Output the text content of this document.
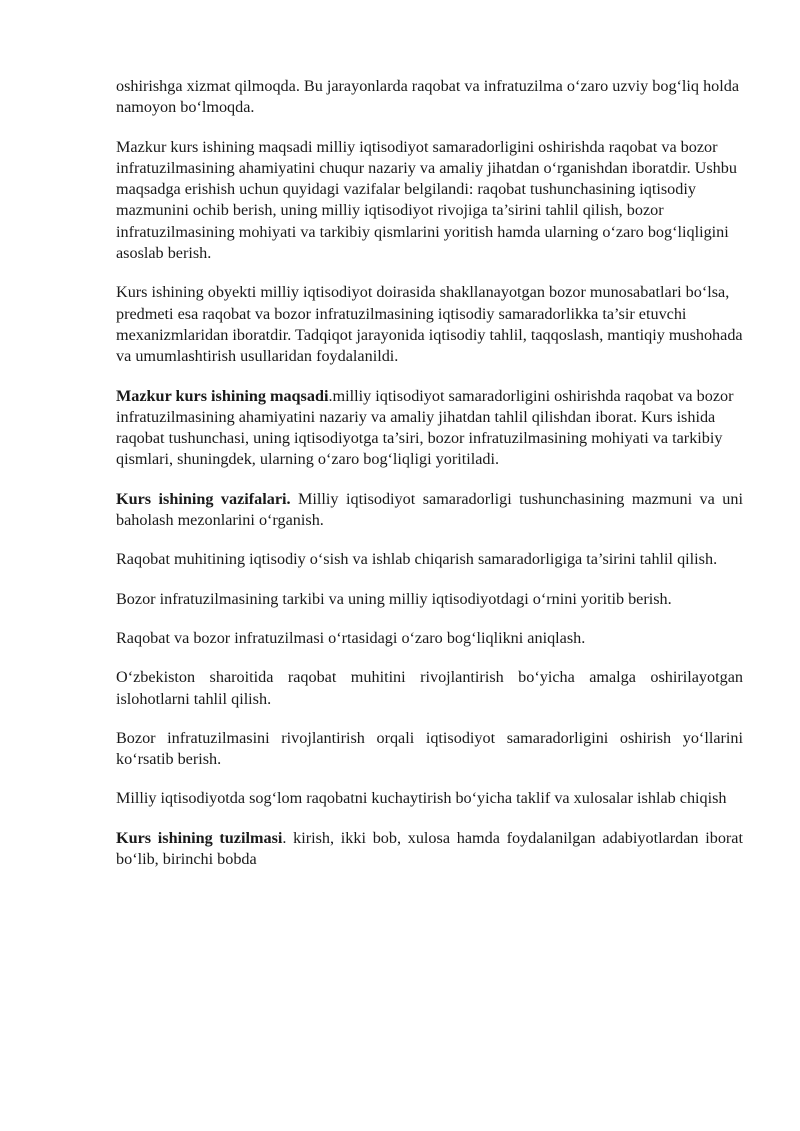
oshirishga xizmat qilmoqda. Bu jarayonlarda raqobat va infratuzilma o‘zaro uzviy bog‘liq holda namoyon bo‘lmoqda.

Mazkur kurs ishining maqsadi milliy iqtisodiyot samaradorligini oshirishda raqobat va bozor infratuzilmasining ahamiyatini chuqur nazariy va amaliy jihatdan o‘rganishdan iboratdir. Ushbu maqsadga erishish uchun quyidagi vazifalar belgilandi: raqobat tushunchasining iqtisodiy mazmunini ochib berish, uning milliy iqtisodiyot rivojiga ta’sirini tahlil qilish, bozor infratuzilmasining mohiyati va tarkibiy qismlarini yoritish hamda ularning o‘zaro bog‘liqligini asoslab berish.

Kurs ishining obyekti milliy iqtisodiyot doirasida shakllanayotgan bozor munosabatlari bo‘lsa, predmeti esa raqobat va bozor infratuzilmasining iqtisodiy samaradorlikka ta’sir etuvchi mexanizmlaridan iboratdir. Tadqiqot jarayonida iqtisodiy tahlil, taqqoslash, mantiqiy mushohada va umumlashtirish usullaridan foydalanildi.

Mazkur kurs ishining maqsadi.milliy iqtisodiyot samaradorligini oshirishda raqobat va bozor infratuzilmasining ahamiyatini nazariy va amaliy jihatdan tahlil qilishdan iborat. Kurs ishida raqobat tushunchasi, uning iqtisodiyotga ta’siri, bozor infratuzilmasining mohiyati va tarkibiy qismlari, shuningdek, ularning o‘zaro bog‘liqligi yoritiladi.

Kurs ishining vazifalari. Milliy iqtisodiyot samaradorligi tushunchasining mazmuni va uni baholash mezonlarini o‘rganish.

Raqobat muhitining iqtisodiy o‘sish va ishlab chiqarish samaradorligiga ta’sirini tahlil qilish.

Bozor infratuzilmasining tarkibi va uning milliy iqtisodiyotdagi o‘rnini yoritib berish.

Raqobat va bozor infratuzilmasi o‘rtasidagi o‘zaro bog‘liqlikni aniqlash.

O‘zbekiston sharoitida raqobat muhitini rivojlantirish bo‘yicha amalga oshirilayotgan islohotlarni tahlil qilish.

Bozor infratuzilmasini rivojlantirish orqali iqtisodiyot samaradorligini oshirish yo‘llarini ko‘rsatib berish.

Milliy iqtisodiyotda sog‘lom raqobatni kuchaytirish bo‘yicha taklif va xulosalar ishlab chiqish

Kurs ishining tuzilmasi. kirish, ikki bob, xulosa hamda foydalanilgan adabiyotlardan iborat bo‘lib, birinchi bobda
